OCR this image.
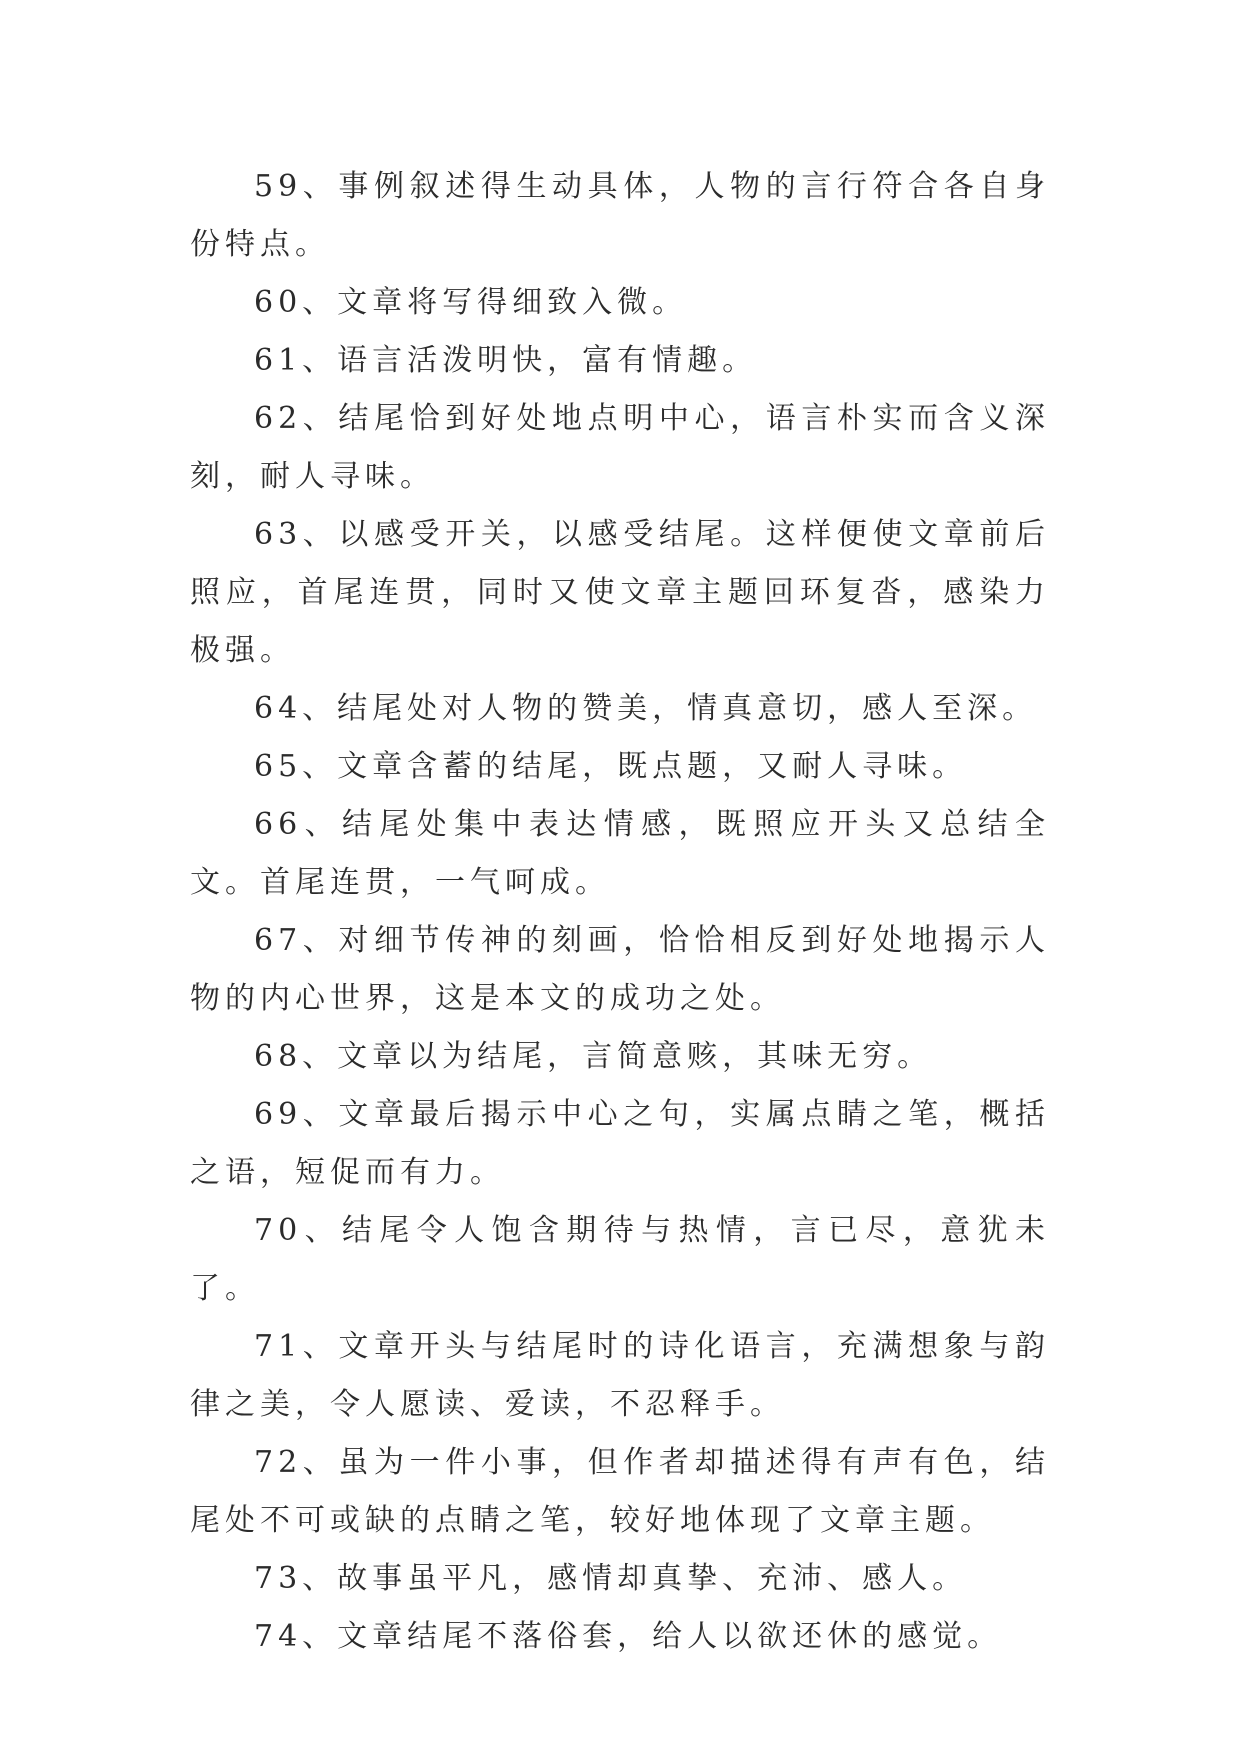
59、事例叙述得生动具体，人物的言行符合各自身份特点。

60、文章将写得细致入微。

61、语言活泼明快，富有情趣。

62、结尾恰到好处地点明中心，语言朴实而含义深刻，耐人寻味。

63、以感受开关，以感受结尾。这样便使文章前后照应，首尾连贯，同时又使文章主题回环复沓，感染力极强。

64、结尾处对人物的赞美，情真意切，感人至深。

65、文章含蓄的结尾，既点题，又耐人寻味。

66、结尾处集中表达情感，既照应开头又总结全文。首尾连贯，一气呵成。

67、对细节传神的刻画，恰恰相反到好处地揭示人物的内心世界，这是本文的成功之处。

68、文章以为结尾，言简意赅，其味无穷。

69、文章最后揭示中心之句，实属点睛之笔，概括之语，短促而有力。

70、结尾令人饱含期待与热情，言已尽，意犹未了。

71、文章开头与结尾时的诗化语言，充满想象与韵律之美，令人愿读、爱读，不忍释手。

72、虽为一件小事，但作者却描述得有声有色，结尾处不可或缺的点睛之笔，较好地体现了文章主题。

73、故事虽平凡，感情却真挚、充沛、感人。

74、文章结尾不落俗套，给人以欲还休的感觉。
